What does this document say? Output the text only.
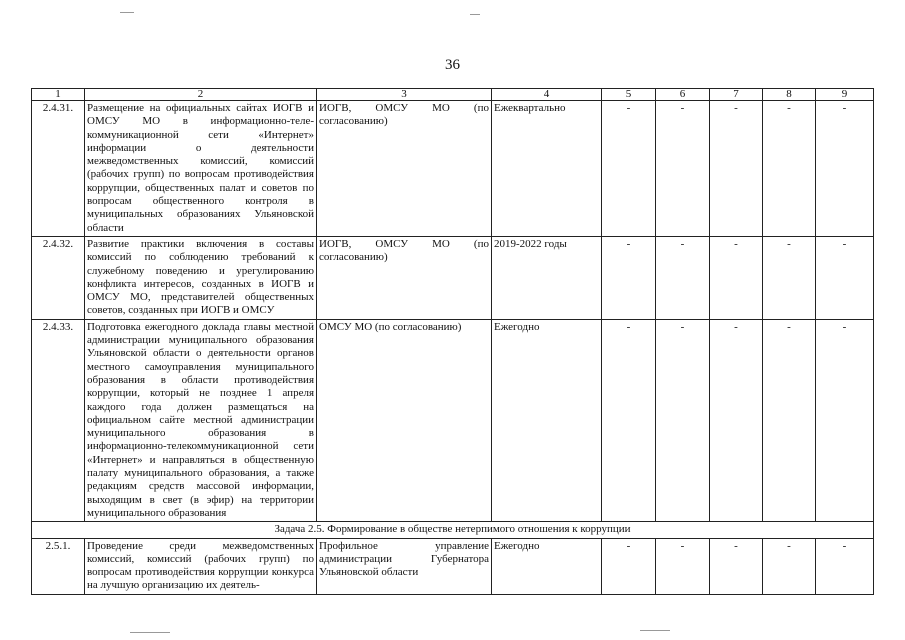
36
1	2	3	4	5	6	7	8	9
2.4.31.	Размещение на официальных сайтах ИОГВ и ОМСУ МО в информационно-теле-коммуникационной сети «Интернет» информации о деятельности межведомственных комиссий, комиссий (рабочих групп) по вопросам противодействия коррупции, общественных палат и советов по вопросам общественного контроля в муниципальных образованиях Ульяновской области	ИОГВ, ОМСУ МО (по согласованию)	Ежеквартально	-	-	-	-	-
2.4.32.	Развитие практики включения в составы комиссий по соблюдению требований к служебному поведению и урегулированию конфликта интересов, созданных в ИОГВ и ОМСУ МО, представителей общественных советов, созданных при ИОГВ и ОМСУ	ИОГВ, ОМСУ МО (по согласованию)	2019-2022 годы	-	-	-	-	-
2.4.33.	Подготовка ежегодного доклада главы местной администрации муниципального образования Ульяновской области о деятельности органов местного самоуправления муниципального образования в области противодействия коррупции, который не позднее 1 апреля каждого года должен размещаться на официальном сайте местной администрации муниципального образования в информационно-телекоммуникационной сети «Интернет» и направляться в общественную палату муниципального образования, а также редакциям средств массовой информации, выходящим в свет (в эфир) на территории муниципального образования	ОМСУ МО (по согласованию)	Ежегодно	-	-	-	-	-
Задача 2.5. Формирование в обществе нетерпимого отношения к коррупции								
2.5.1.	Проведение среди межведомственных комиссий, комиссий (рабочих групп) по вопросам противодействия коррупции конкурса на лучшую организацию их деятель-	Профильное управление администрации Губернатора Ульяновской области	Ежегодно	-	-	-	-	-
